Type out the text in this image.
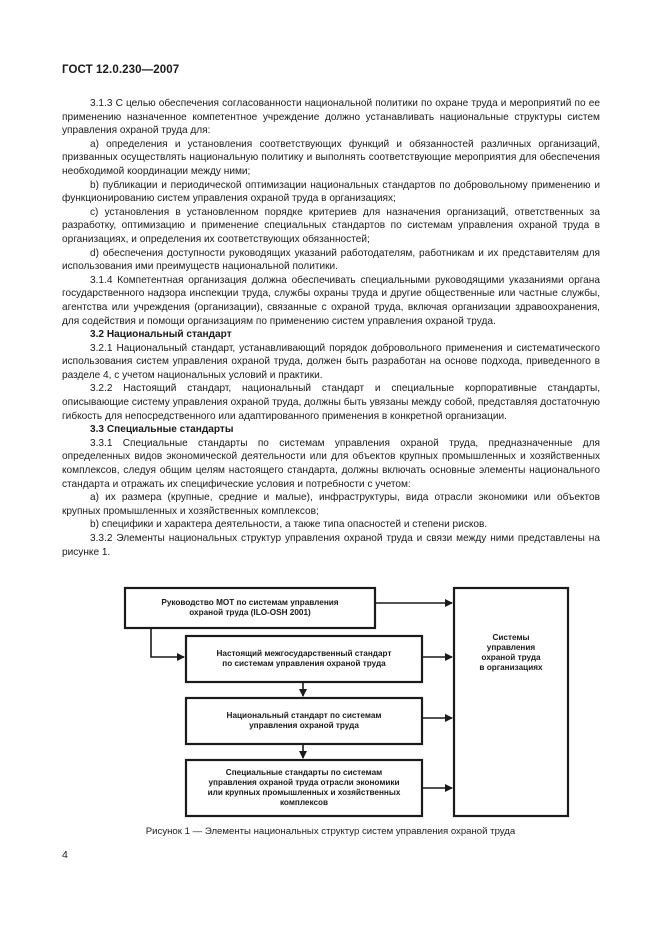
ГОСТ 12.0.230—2007

3.1.3 С целью обеспечения согласованности национальной политики по охране труда и мероприятий по ее применению назначенное компетентное учреждение должно устанавливать национальные структуры систем управления охраной труда для:

а) определения и установления соответствующих функций и обязанностей различных организаций, призванных осуществлять национальную политику и выполнять соответствующие мероприятия для обеспечения необходимой координации между ними;

b) публикации и периодической оптимизации национальных стандартов по добровольному применению и функционированию систем управления охраной труда в организациях;

c) установления в установленном порядке критериев для назначения организаций, ответственных за разработку, оптимизацию и применение специальных стандартов по системам управления охраной труда в организациях, и определения их соответствующих обязанностей;

d) обеспечения доступности руководящих указаний работодателям, работникам и их представителям для использования ими преимуществ национальной политики.

3.1.4 Компетентная организация должна обеспечивать специальными руководящими указаниями органа государственного надзора инспекции труда, службы охраны труда и другие общественные или частные службы, агентства или учреждения (организации), связанные с охраной труда, включая организации здравоохранения, для содействия и помощи организациям по применению систем управления охраной труда.

3.2 Национальный стандарт

3.2.1 Национальный стандарт, устанавливающий порядок добровольного применения и систематического использования систем управления охраной труда, должен быть разработан на основе подхода, приведенного в разделе 4, с учетом национальных условий и практики.

3.2.2 Настоящий стандарт, национальный стандарт и специальные корпоративные стандарты, описывающие систему управления охраной труда, должны быть увязаны между собой, представляя достаточную гибкость для непосредственного или адаптированного применения в конкретной организации.

3.3 Специальные стандарты

3.3.1 Специальные стандарты по системам управления охраной труда, предназначенные для определенных видов экономической деятельности или для объектов крупных промышленных и хозяйственных комплексов, следуя общим целям настоящего стандарта, должны включать основные элементы национального стандарта и отражать их специфические условия и потребности с учетом:

а) их размера (крупные, средние и малые), инфраструктуры, вида отрасли экономики или объектов крупных промышленных и хозяйственных комплексов;

b) специфики и характера деятельности, а также типа опасностей и степени рисков.

3.3.2 Элементы национальных структур управления охраной труда и связи между ними представлены на рисунке 1.

Руководство МОТ по системам управления
охраной труда (ILO-OSH 2001)
Настоящий межгосударственный стандарт
по системам управления охраной труда
Национальный стандарт по системам
управления охраной труда
Специальные стандарты по системам
управления охраной труда отрасли экономики
или крупных промышленных и хозяйственных
комплексов
Системы
управления
охраной труда
в организациях
Рисунок 1 — Элементы национальных структур систем управления охраной труда
4
